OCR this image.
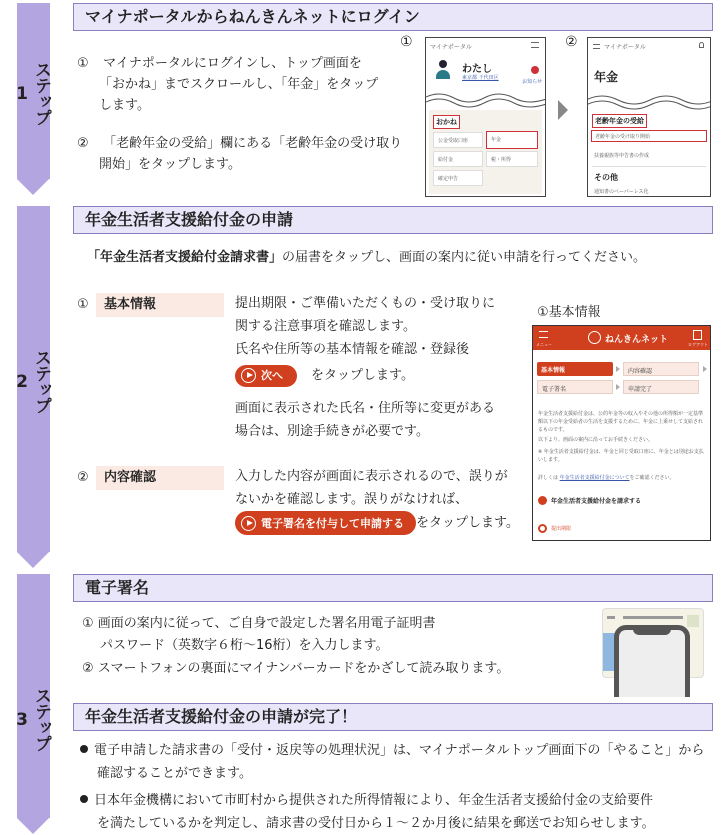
ステップ
1
ステップ
2
ステップ
3
マイナポータルからねんきんネットにログイン
① マイナポータルにログインし、トップ画面を
「おかね」までスクロールし、「年金」をタップ
します。
② 「老齢年金の受給」欄にある「老齢年金の受け取り
開始」をタップします。
①	マイナポータル
わたし
東京都 千代田区
お知らせ
おかね
公金受取口座	年金
給付金	税・所得
確定申告
②	マイナポータル
年金
老齢年金の受給
老齢年金の受け取り開始
扶養親族等申告書の作成
その他
通知書のペーパーレス化
年金生活者支援給付金の申請
「年金生活者支援給付金請求書」の届書をタップし、画面の案内に従い申請を行ってください。
①	基本情報	提出期限・ご準備いただくもの・受け取りに
関する注意事項を確認します。
氏名や住所等の基本情報を確認・登録後
次へ をタップします。
画面に表示された氏名・住所等に変更がある
場合は、別途手続きが必要です。
②	内容確認	入力した内容が画面に表示されるので、誤りが
ないかを確認します。誤りがなければ、
電子署名を付与して申請する をタップします。
①基本情報
メニュー	ねんきんネット	ログアウト
基本情報	内容確認
電子署名	申請完了
年金生活者支援給付金は、公的年金等の収入やその他の所得額が一定基準額以下の年金受給者の生活を支援するために、年金に上乗せして支給されるものです。
以下より、画面の案内に沿ってお手続きください。
※ 年金生活者支援給付金は、年金と同じ受取口座に、年金とは別途お支払いします。
詳しくは 年金生活者支援給付金についてをご確認ください。
年金生活者支援給付金を請求する
提出期限
電子署名
① 画面の案内に従って、ご自身で設定した署名用電子証明書
パスワード（英数字６桁～16桁）を入力します。
② スマートフォンの裏面にマイナンバーカードをかざして読み取ります。
年金生活者支援給付金の申請が完了！
電子申請した請求書の「受付・返戻等の処理状況」は、マイナポータルトップ画面下の「やること」から
確認することができます。
日本年金機構において市町村から提供された所得情報により、年金生活者支援給付金の支給要件
を満たしているかを判定し、請求書の受付日から１～２か月後に結果を郵送でお知らせします。
